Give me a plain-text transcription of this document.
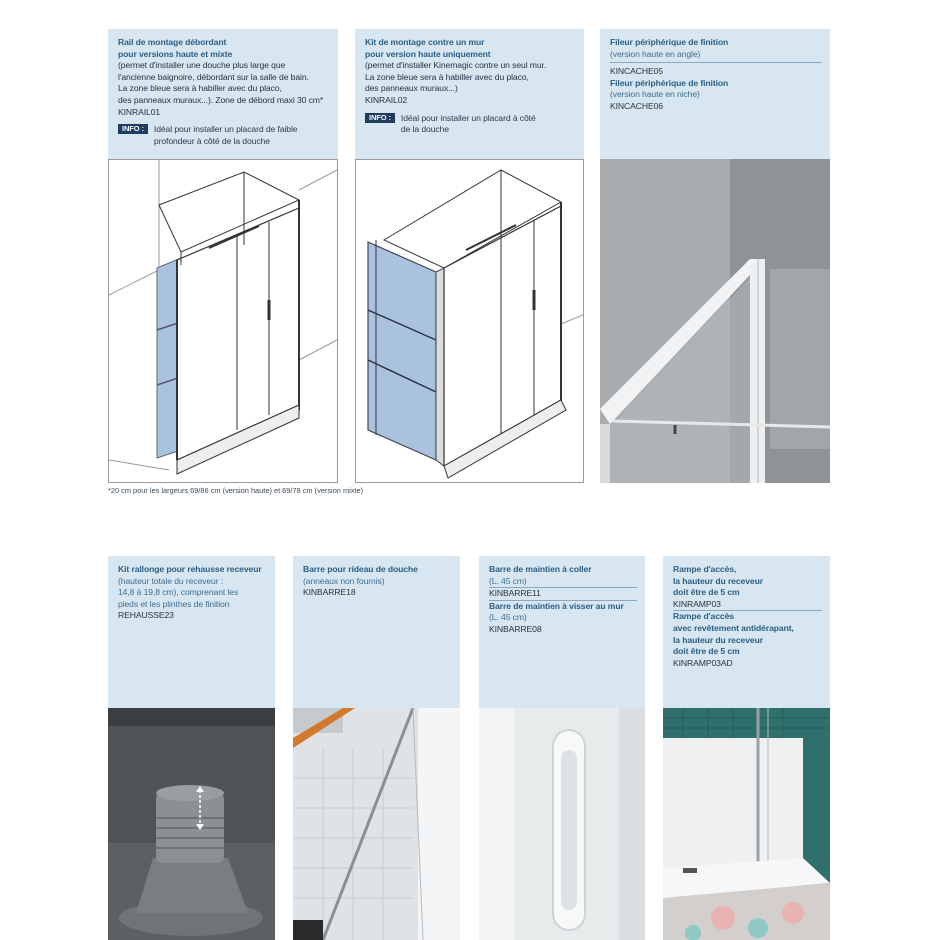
Rail de montage débordant
pour versions haute et mixte
(permet d'installer une douche plus large que
l'ancienne baignoire, débordant sur la salle de bain.
La zone bleue sera à habiller avec du placo,
des panneaux muraux...). Zone de débord maxi 30 cm*
KINRAIL01
INFO :	Idéal pour installer un placard de faible
profondeur à côté de la douche
Kit de montage contre un mur
pour version haute uniquement
(permet d'installer Kinemagic contre un seul mur.
La zone bleue sera à habiller avec du placo,
des panneaux muraux...)
KINRAIL02
INFO :	Idéal pour installer un placard à côté
de la douche
Fileur périphérique de finition
(version haute en angle)
KINCACHE05
Fileur périphérique de finition
(version haute en niche)
KINCACHE06
*20 cm pour les largeurs 69/86 cm (version haute) et 69/78 cm (version mixte)
Kit rallonge pour rehausse receveur
(hauteur totale du receveur :
14,8 à 19,8 cm), comprenant les
pieds et les plinthes de finition
REHAUSSE23
Barre pour rideau de douche
(anneaux non fournis)
KINBARRE18
Barre de maintien à coller
(L. 45 cm)
KINBARRE11
Barre de maintien à visser au mur
(L. 45 cm)
KINBARRE08
Rampe d'accès,
la hauteur du receveur
doit être de 5 cm
KINRAMP03
Rampe d'accès
avec revêtement antidérapant,
la hauteur du receveur
doit être de 5 cm
KINRAMP03AD
